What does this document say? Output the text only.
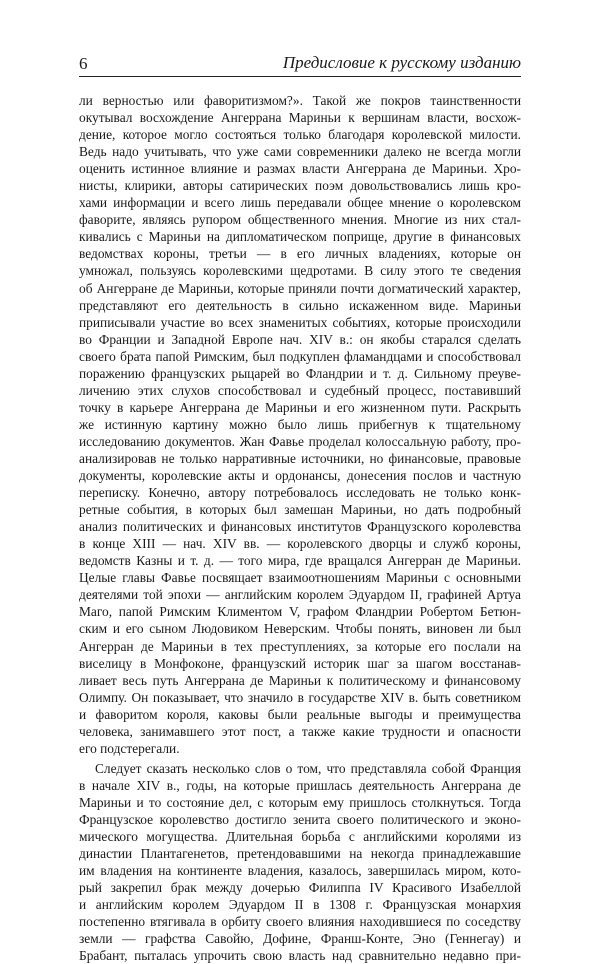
6	Предисловие к русскому изданию
ли верностью или фаворитизмом?». Такой же покров таинственности
окутывал восхождение Ангеррана Мариньи к вершинам власти, восхож-
дение, которое могло состояться только благодаря королевской милости.
Ведь надо учитывать, что уже сами современники далеко не всегда могли
оценить истинное влияние и размах власти Ангеррана де Мариньи. Хро-
нисты, клирики, авторы сатирических поэм довольствовались лишь кро-
хами информации и всего лишь передавали общее мнение о королевском
фаворите, являясь рупором общественного мнения. Многие из них стал-
кивались с Мариньи на дипломатическом поприще, другие в финансовых
ведомствах короны, третьи — в его личных владениях, которые он
умножал, пользуясь королевскими щедротами. В силу этого те сведения
об Ангерране де Мариньи, которые приняли почти догматический характер,
представляют его деятельность в сильно искаженном виде. Мариньи
приписывали участие во всех знаменитых событиях, которые происходили
во Франции и Западной Европе нач. XIV в.: он якобы старался сделать
своего брата папой Римским, был подкуплен фламандцами и способствовал
поражению французских рыцарей во Фландрии и т. д. Сильному преуве-
личению этих слухов способствовал и судебный процесс, поставивший
точку в карьере Ангеррана де Мариньи и его жизненном пути. Раскрыть
же истинную картину можно было лишь прибегнув к тщательному
исследованию документов. Жан Фавье проделал колоссальную работу, про-
анализировав не только нарративные источники, но финансовые, правовые
документы, королевские акты и ордонансы, донесения послов и частную
переписку. Конечно, автору потребовалось исследовать не только конк-
ретные события, в которых был замешан Мариньи, но дать подробный
анализ политических и финансовых институтов Французского королевства
в конце XIII — нач. XIV вв. — королевского дворцы и служб короны,
ведомств Казны и т. д. — того мира, где вращался Ангерран де Мариньи.
Целые главы Фавье посвящает взаимоотношениям Мариньи с основными
деятелями той эпохи — английским королем Эдуардом II, графиней Артуа
Маго, папой Римским Климентом V, графом Фландрии Робертом Бетюн-
ским и его сыном Людовиком Неверским. Чтобы понять, виновен ли был
Ангерран де Мариньи в тех преступлениях, за которые его послали на
виселицу в Монфоконе, французский историк шаг за шагом восстанав-
ливает весь путь Ангеррана де Мариньи к политическому и финансовому
Олимпу. Он показывает, что значило в государстве XIV в. быть советником
и фаворитом короля, каковы были реальные выгоды и преимущества
человека, занимавшего этот пост, а также какие трудности и опасности
его подстерегали.
Следует сказать несколько слов о том, что представляла собой Франция
в начале XIV в., годы, на которые пришлась деятельность Ангеррана де
Мариньи и то состояние дел, с которым ему пришлось столкнуться. Тогда
Французское королевство достигло зенита своего политического и эконо-
мического могущества. Длительная борьба с английскими королями из
династии Плантагенетов, претендовавшими на некогда принадлежавшие
им владения на континенте владения, казалось, завершилась миром, кото-
рый закрепил брак между дочерью Филиппа IV Красивого Изабеллой
и английским королем Эдуардом II в 1308 г. Французская монархия
постепенно втягивала в орбиту своего влияния находившиеся по соседству
земли — графства Савойю, Дофине, Франш-Конте, Эно (Геннегау) и
Брабант, пыталась упрочить свою власть над сравнительно недавно при-
